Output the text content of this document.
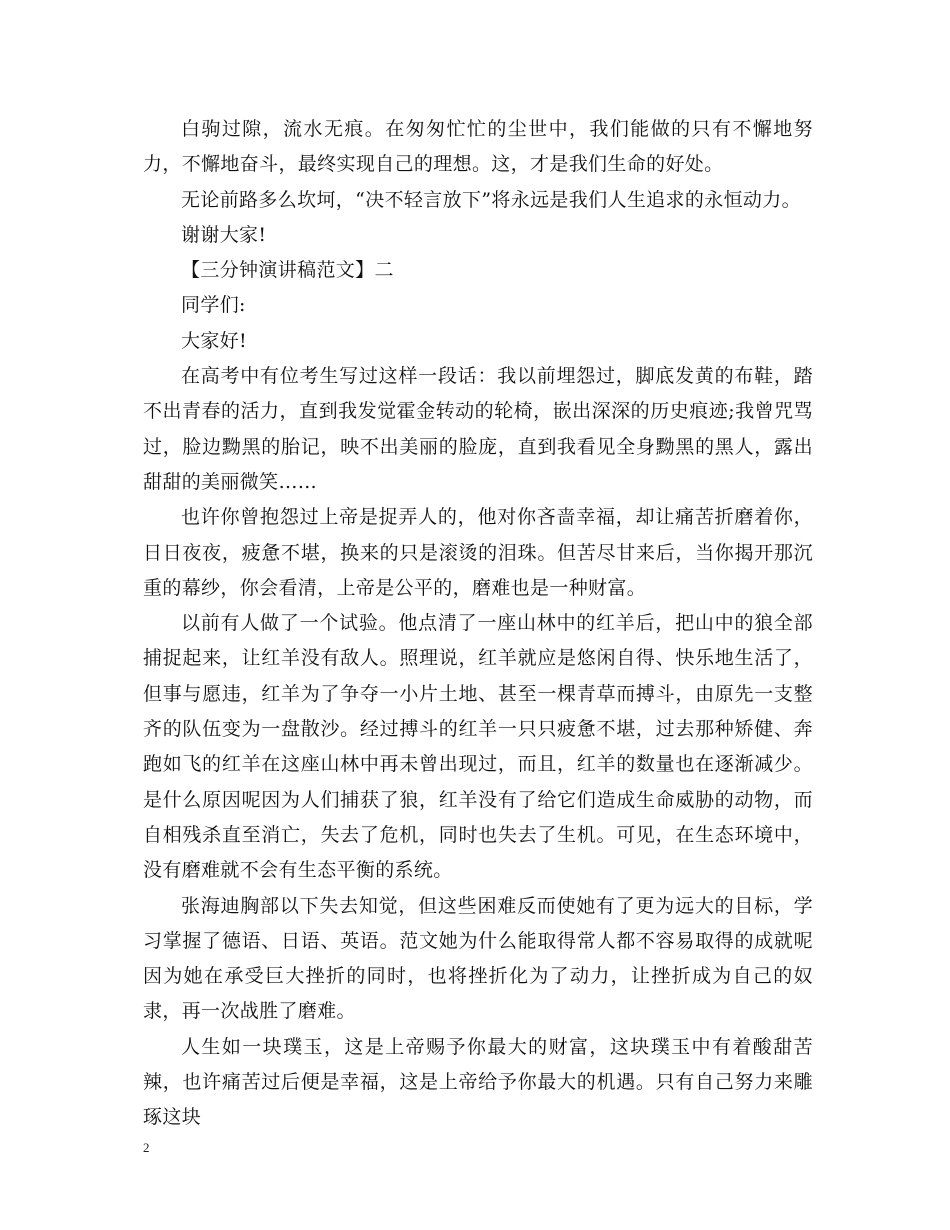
白驹过隙，流水无痕。在匆匆忙忙的尘世中，我们能做的只有不懈地努力，不懈地奋斗，最终实现自己的理想。这，才是我们生命的好处。

无论前路多么坎坷，“决不轻言放下”将永远是我们人生追求的永恒动力。

谢谢大家!

【三分钟演讲稿范文】二

同学们:

大家好!

在高考中有位考生写过这样一段话：我以前埋怨过，脚底发黄的布鞋，踏不出青春的活力，直到我发觉霍金转动的轮椅，嵌出深深的历史痕迹;我曾咒骂过，脸边黝黑的胎记，映不出美丽的脸庞，直到我看见全身黝黑的黑人，露出甜甜的美丽微笑……

也许你曾抱怨过上帝是捉弄人的，他对你吝啬幸福，却让痛苦折磨着你，日日夜夜，疲惫不堪，换来的只是滚烫的泪珠。但苦尽甘来后，当你揭开那沉重的幕纱，你会看清，上帝是公平的，磨难也是一种财富。

以前有人做了一个试验。他点清了一座山林中的红羊后，把山中的狼全部捕捉起来，让红羊没有敌人。照理说，红羊就应是悠闲自得、快乐地生活了，但事与愿违，红羊为了争夺一小片土地、甚至一棵青草而搏斗，由原先一支整齐的队伍变为一盘散沙。经过搏斗的红羊一只只疲惫不堪，过去那种矫健、奔跑如飞的红羊在这座山林中再未曾出现过，而且，红羊的数量也在逐渐减少。是什么原因呢因为人们捕获了狼，红羊没有了给它们造成生命威胁的动物，而自相残杀直至消亡，失去了危机，同时也失去了生机。可见，在生态环境中，没有磨难就不会有生态平衡的系统。

张海迪胸部以下失去知觉，但这些困难反而使她有了更为远大的目标，学习掌握了德语、日语、英语。范文她为什么能取得常人都不容易取得的成就呢因为她在承受巨大挫折的同时，也将挫折化为了动力，让挫折成为自己的奴隶，再一次战胜了磨难。

人生如一块璞玉，这是上帝赐予你最大的财富，这块璞玉中有着酸甜苦辣，也许痛苦过后便是幸福，这是上帝给予你最大的机遇。只有自己努力来雕琢这块

2
